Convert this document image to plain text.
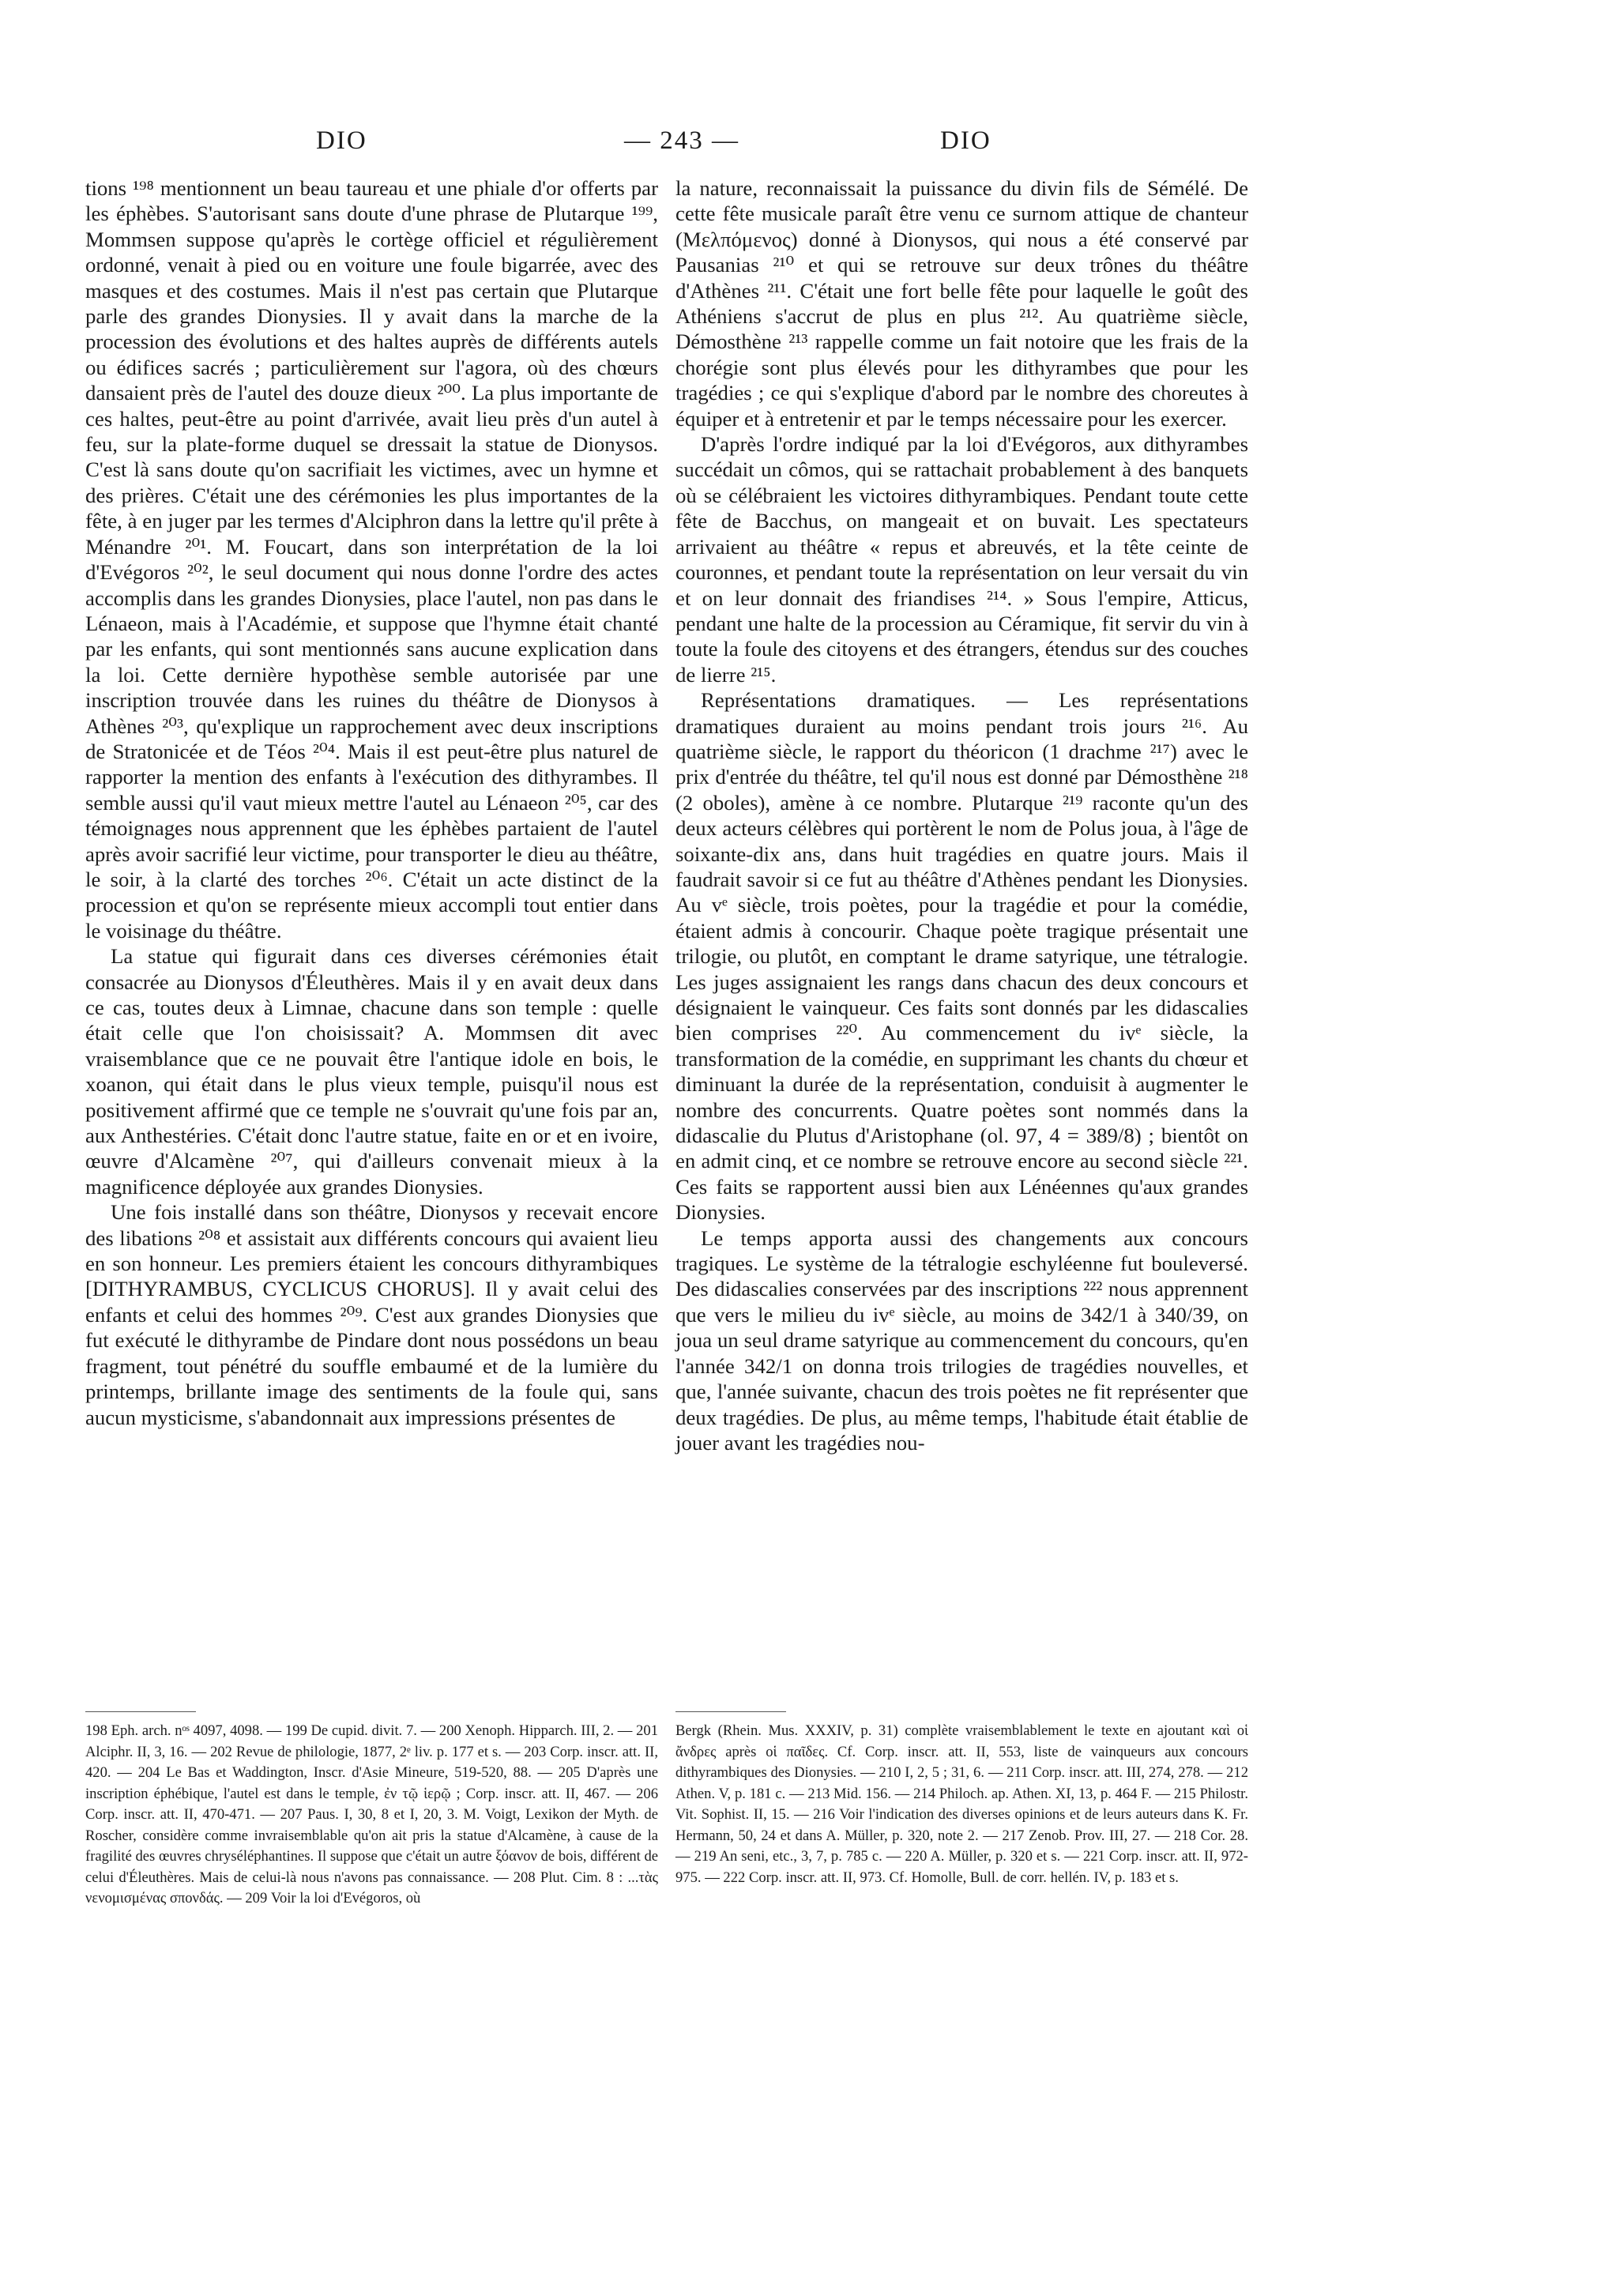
DIO	— 243 —	DIO

tions ¹⁹⁸ mentionnent un beau taureau et une phiale d'or offerts par les éphèbes. S'autorisant sans doute d'une phrase de Plutarque ¹⁹⁹, Mommsen suppose qu'après le cortège officiel et régulièrement ordonné, venait à pied ou en voiture une foule bigarrée, avec des masques et des costumes. Mais il n'est pas certain que Plutarque parle des grandes Dionysies. Il y avait dans la marche de la procession des évolutions et des haltes auprès de différents autels ou édifices sacrés ; particulièrement sur l'agora, où des chœurs dansaient près de l'autel des douze dieux ²⁰⁰. La plus importante de ces haltes, peut-être au point d'arrivée, avait lieu près d'un autel à feu, sur la plate-forme duquel se dressait la statue de Dionysos. C'est là sans doute qu'on sacrifiait les victimes, avec un hymne et des prières. C'était une des cérémonies les plus importantes de la fête, à en juger par les termes d'Alciphron dans la lettre qu'il prête à Ménandre ²⁰¹. M. Foucart, dans son interprétation de la loi d'Evégoros ²⁰², le seul document qui nous donne l'ordre des actes accomplis dans les grandes Dionysies, place l'autel, non pas dans le Lénaeon, mais à l'Académie, et suppose que l'hymne était chanté par les enfants, qui sont mentionnés sans aucune explication dans la loi. Cette dernière hypothèse semble autorisée par une inscription trouvée dans les ruines du théâtre de Dionysos à Athènes ²⁰³, qu'explique un rapprochement avec deux inscriptions de Stratonicée et de Téos ²⁰⁴. Mais il est peut-être plus naturel de rapporter la mention des enfants à l'exécution des dithyrambes. Il semble aussi qu'il vaut mieux mettre l'autel au Lénaeon ²⁰⁵, car des témoignages nous apprennent que les éphèbes partaient de l'autel après avoir sacrifié leur victime, pour transporter le dieu au théâtre, le soir, à la clarté des torches ²⁰⁶. C'était un acte distinct de la procession et qu'on se représente mieux accompli tout entier dans le voisinage du théâtre.

La statue qui figurait dans ces diverses cérémonies était consacrée au Dionysos d'Éleuthères. Mais il y en avait deux dans ce cas, toutes deux à Limnae, chacune dans son temple : quelle était celle que l'on choisissait? A. Mommsen dit avec vraisemblance que ce ne pouvait être l'antique idole en bois, le xoanon, qui était dans le plus vieux temple, puisqu'il nous est positivement affirmé que ce temple ne s'ouvrait qu'une fois par an, aux Anthestéries. C'était donc l'autre statue, faite en or et en ivoire, œuvre d'Alcamène ²⁰⁷, qui d'ailleurs convenait mieux à la magnificence déployée aux grandes Dionysies.

Une fois installé dans son théâtre, Dionysos y recevait encore des libations ²⁰⁸ et assistait aux différents concours qui avaient lieu en son honneur. Les premiers étaient les concours dithyrambiques [DITHYRAMBUS, CYCLICUS CHORUS]. Il y avait celui des enfants et celui des hommes ²⁰⁹. C'est aux grandes Dionysies que fut exécuté le dithyrambe de Pindare dont nous possédons un beau fragment, tout pénétré du souffle embaumé et de la lumière du printemps, brillante image des sentiments de la foule qui, sans aucun mysticisme, s'abandonnait aux impressions présentes de

la nature, reconnaissait la puissance du divin fils de Sémélé. De cette fête musicale paraît être venu ce surnom attique de chanteur (Μελπόμενος) donné à Dionysos, qui nous a été conservé par Pausanias ²¹⁰ et qui se retrouve sur deux trônes du théâtre d'Athènes ²¹¹. C'était une fort belle fête pour laquelle le goût des Athéniens s'accrut de plus en plus ²¹². Au quatrième siècle, Démosthène ²¹³ rappelle comme un fait notoire que les frais de la chorégie sont plus élevés pour les dithyrambes que pour les tragédies ; ce qui s'explique d'abord par le nombre des choreutes à équiper et à entretenir et par le temps nécessaire pour les exercer.

D'après l'ordre indiqué par la loi d'Evégoros, aux dithyrambes succédait un cômos, qui se rattachait probablement à des banquets où se célébraient les victoires dithyrambiques. Pendant toute cette fête de Bacchus, on mangeait et on buvait. Les spectateurs arrivaient au théâtre « repus et abreuvés, et la tête ceinte de couronnes, et pendant toute la représentation on leur versait du vin et on leur donnait des friandises ²¹⁴. » Sous l'empire, Atticus, pendant une halte de la procession au Céramique, fit servir du vin à toute la foule des citoyens et des étrangers, étendus sur des couches de lierre ²¹⁵.

Représentations dramatiques. — Les représentations dramatiques duraient au moins pendant trois jours ²¹⁶. Au quatrième siècle, le rapport du théoricon (1 drachme ²¹⁷) avec le prix d'entrée du théâtre, tel qu'il nous est donné par Démosthène ²¹⁸ (2 oboles), amène à ce nombre. Plutarque ²¹⁹ raconte qu'un des deux acteurs célèbres qui portèrent le nom de Polus joua, à l'âge de soixante-dix ans, dans huit tragédies en quatre jours. Mais il faudrait savoir si ce fut au théâtre d'Athènes pendant les Dionysies. Au vᵉ siècle, trois poètes, pour la tragédie et pour la comédie, étaient admis à concourir. Chaque poète tragique présentait une trilogie, ou plutôt, en comptant le drame satyrique, une tétralogie. Les juges assignaient les rangs dans chacun des deux concours et désignaient le vainqueur. Ces faits sont donnés par les didascalies bien comprises ²²⁰. Au commencement du ivᵉ siècle, la transformation de la comédie, en supprimant les chants du chœur et diminuant la durée de la représentation, conduisit à augmenter le nombre des concurrents. Quatre poètes sont nommés dans la didascalie du Plutus d'Aristophane (ol. 97, 4 = 389/8) ; bientôt on en admit cinq, et ce nombre se retrouve encore au second siècle ²²¹. Ces faits se rapportent aussi bien aux Lénéennes qu'aux grandes Dionysies.

Le temps apporta aussi des changements aux concours tragiques. Le système de la tétralogie eschyléenne fut bouleversé. Des didascalies conservées par des inscriptions ²²² nous apprennent que vers le milieu du ivᵉ siècle, au moins de 342/1 à 340/39, on joua un seul drame satyrique au commencement du concours, qu'en l'année 342/1 on donna trois trilogies de tragédies nouvelles, et que, l'année suivante, chacun des trois poètes ne fit représenter que deux tragédies. De plus, au même temps, l'habitude était établie de jouer avant les tragédies nou-

198 Eph. arch. nᵒˢ 4097, 4098. — 199 De cupid. divit. 7. — 200 Xenoph. Hipparch. III, 2. — 201 Alciphr. II, 3, 16. — 202 Revue de philologie, 1877, 2ᵉ liv. p. 177 et s. — 203 Corp. inscr. att. II, 420. — 204 Le Bas et Waddington, Inscr. d'Asie Mineure, 519-520, 88. — 205 D'après une inscription éphébique, l'autel est dans le temple, ἐν τῷ ἱερῷ ; Corp. inscr. att. II, 467. — 206 Corp. inscr. att. II, 470-471. — 207 Paus. I, 30, 8 et I, 20, 3. M. Voigt, Lexikon der Myth. de Roscher, considère comme invraisemblable qu'on ait pris la statue d'Alcamène, à cause de la fragilité des œuvres chryséléphantines. Il suppose que c'était un autre ξόανον de bois, différent de celui d'Éleuthères. Mais de celui-là nous n'avons pas connaissance. — 208 Plut. Cim. 8 : ...τὰς νενομισμένας σπονδάς. — 209 Voir la loi d'Evégoros, où

Bergk (Rhein. Mus. XXXIV, p. 31) complète vraisemblablement le texte en ajoutant καὶ οἱ ἄνδρες après οἱ παῖδες. Cf. Corp. inscr. att. II, 553, liste de vainqueurs aux concours dithyrambiques des Dionysies. — 210 I, 2, 5 ; 31, 6. — 211 Corp. inscr. att. III, 274, 278. — 212 Athen. V, p. 181 c. — 213 Mid. 156. — 214 Philoch. ap. Athen. XI, 13, p. 464 F. — 215 Philostr. Vit. Sophist. II, 15. — 216 Voir l'indication des diverses opinions et de leurs auteurs dans K. Fr. Hermann, 50, 24 et dans A. Müller, p. 320, note 2. — 217 Zenob. Prov. III, 27. — 218 Cor. 28. — 219 An seni, etc., 3, 7, p. 785 c. — 220 A. Müller, p. 320 et s. — 221 Corp. inscr. att. II, 972-975. — 222 Corp. inscr. att. II, 973. Cf. Homolle, Bull. de corr. hellén. IV, p. 183 et s.
